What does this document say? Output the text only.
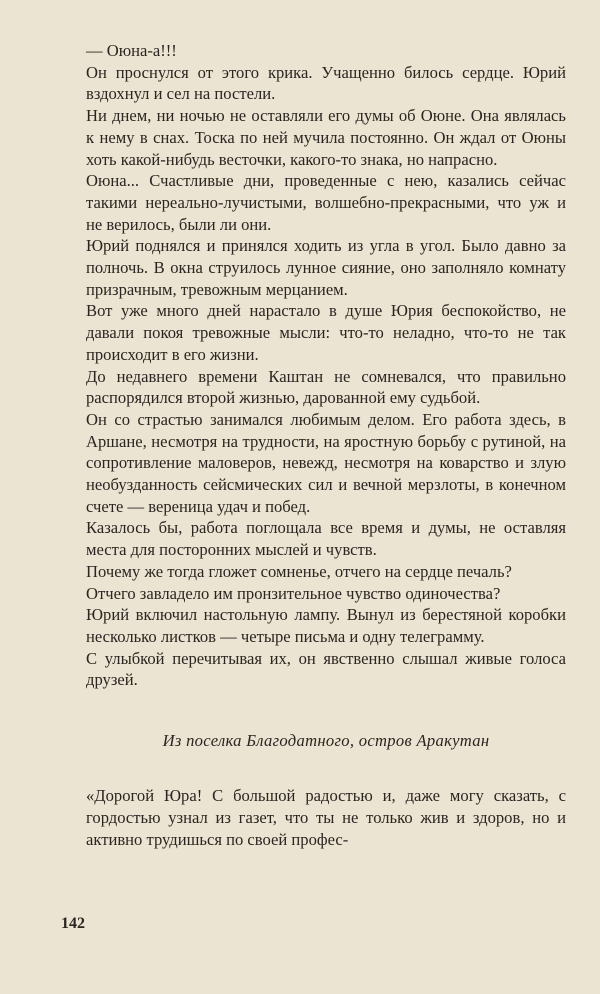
— Оюна-а!!!

Он проснулся от этого крика. Учащенно билось сердце. Юрий вздохнул и сел на постели.

Ни днем, ни ночью не оставляли его думы об Оюне. Она являлась к нему в снах. Тоска по ней мучила постоянно. Он ждал от Оюны хоть какой-нибудь весточки, какого-то знака, но напрасно.

Оюна... Счастливые дни, проведенные с нею, казались сейчас такими нереально-лучистыми, волшебно-прекрасными, что уж и не верилось, были ли они.

Юрий поднялся и принялся ходить из угла в угол. Было давно за полночь. В окна струилось лунное сияние, оно заполняло комнату призрачным, тревожным мерцанием.

Вот уже много дней нарастало в душе Юрия беспокойство, не давали покоя тревожные мысли: что-то неладно, что-то не так происходит в его жизни.

До недавнего времени Каштан не сомневался, что правильно распорядился второй жизнью, дарованной ему судьбой.

Он со страстью занимался любимым делом. Его работа здесь, в Аршане, несмотря на трудности, на яростную борьбу с рутиной, на сопротивление маловеров, невежд, несмотря на коварство и злую необузданность сейсмических сил и вечной мерзлоты, в конечном счете — вереница удач и побед.

Казалось бы, работа поглощала все время и думы, не оставляя места для посторонних мыслей и чувств.

Почему же тогда гложет сомненье, отчего на сердце печаль?

Отчего завладело им пронзительное чувство одиночества?

Юрий включил настольную лампу. Вынул из берестяной коробки несколько листков — четыре письма и одну телеграмму.

С улыбкой перечитывая их, он явственно слышал живые голоса друзей.

Из поселка Благодатного, остров Аракутан

«Дорогой Юра! С большой радостью и, даже могу сказать, с гордостью узнал из газет, что ты не только жив и здоров, но и активно трудишься по своей профес-

142
